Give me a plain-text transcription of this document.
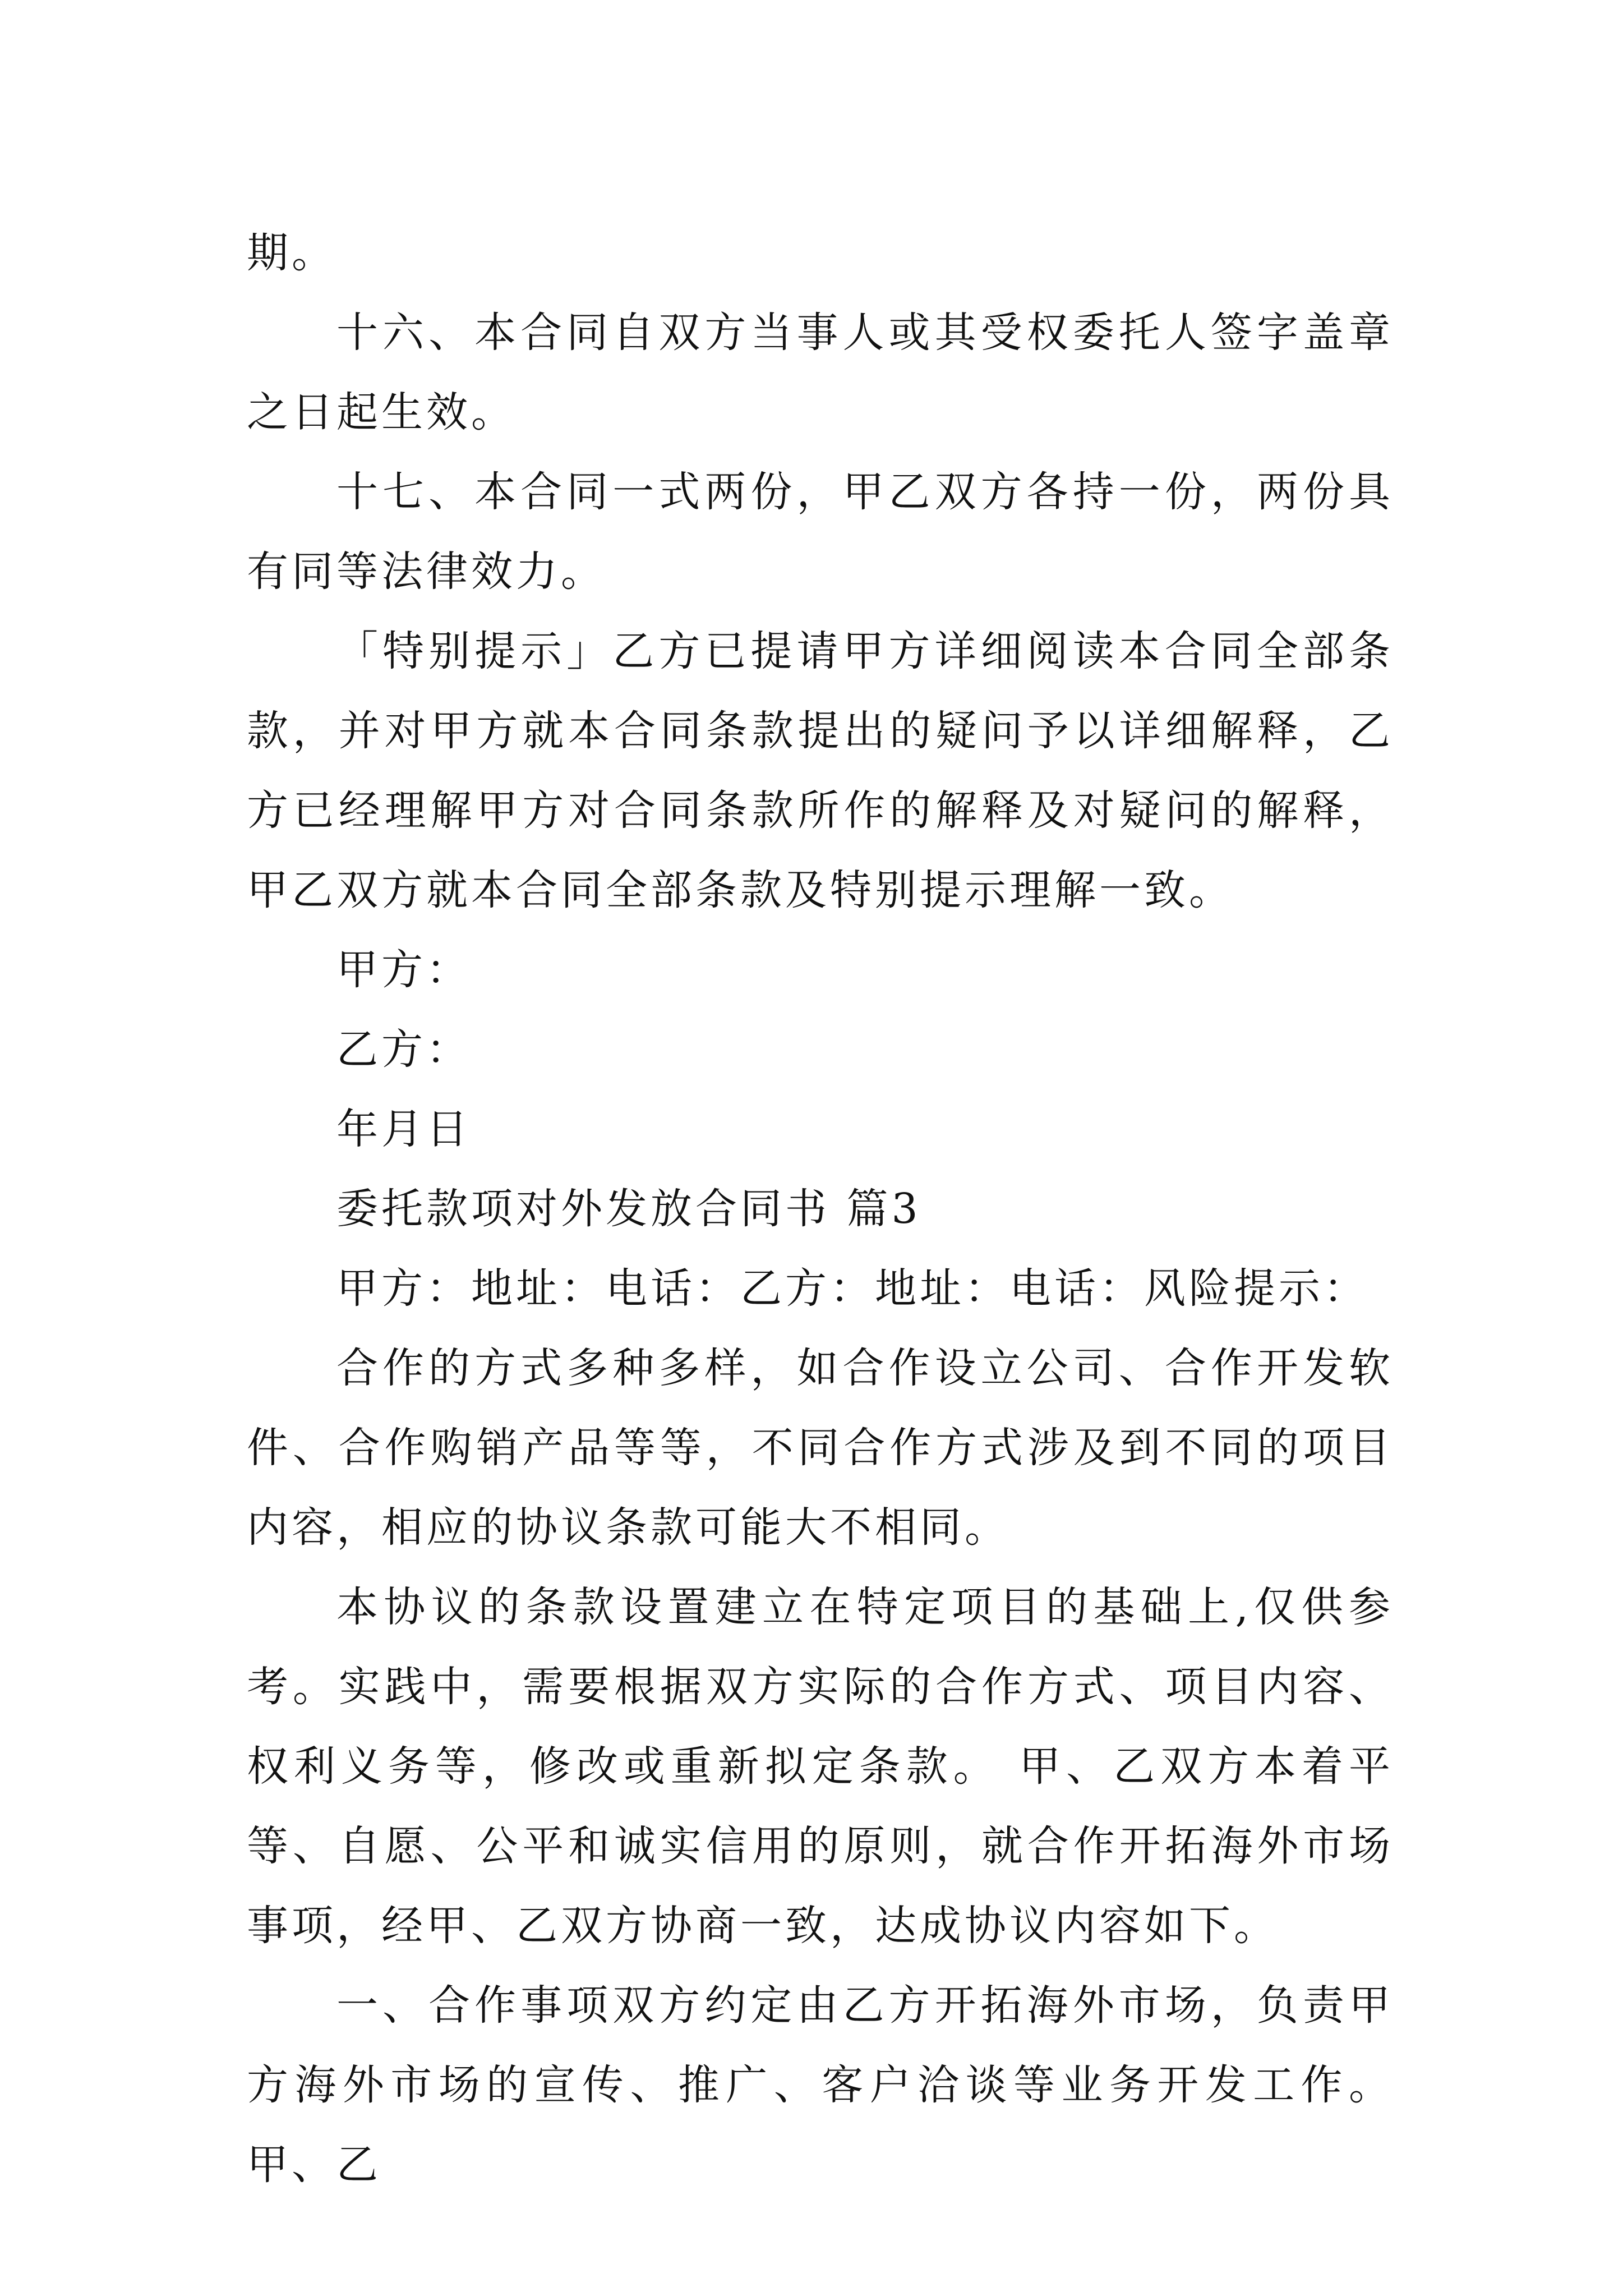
期。

十六、本合同自双方当事人或其受权委托人签字盖章之日起生效。

十七、本合同一式两份，甲乙双方各持一份，两份具有同等法律效力。

「特别提示」乙方已提请甲方详细阅读本合同全部条款，并对甲方就本合同条款提出的疑问予以详细解释，乙方已经理解甲方对合同条款所作的解释及对疑问的解释，甲乙双方就本合同全部条款及特别提示理解一致。

甲方：

乙方：

年月日

委托款项对外发放合同书 篇3

甲方：地址：电话：乙方：地址：电话：风险提示：

合作的方式多种多样，如合作设立公司、合作开发软件、合作购销产品等等，不同合作方式涉及到不同的项目内容，相应的协议条款可能大不相同。

本协议的条款设置建立在特定项目的基础上,仅供参考。实践中，需要根据双方实际的合作方式、项目内容、权利义务等，修改或重新拟定条款。 甲、乙双方本着平等、自愿、公平和诚实信用的原则，就合作开拓海外市场事项，经甲、乙双方协商一致，达成协议内容如下。

一、合作事项双方约定由乙方开拓海外市场，负责甲方海外市场的宣传、推广、客户洽谈等业务开发工作。甲、乙
